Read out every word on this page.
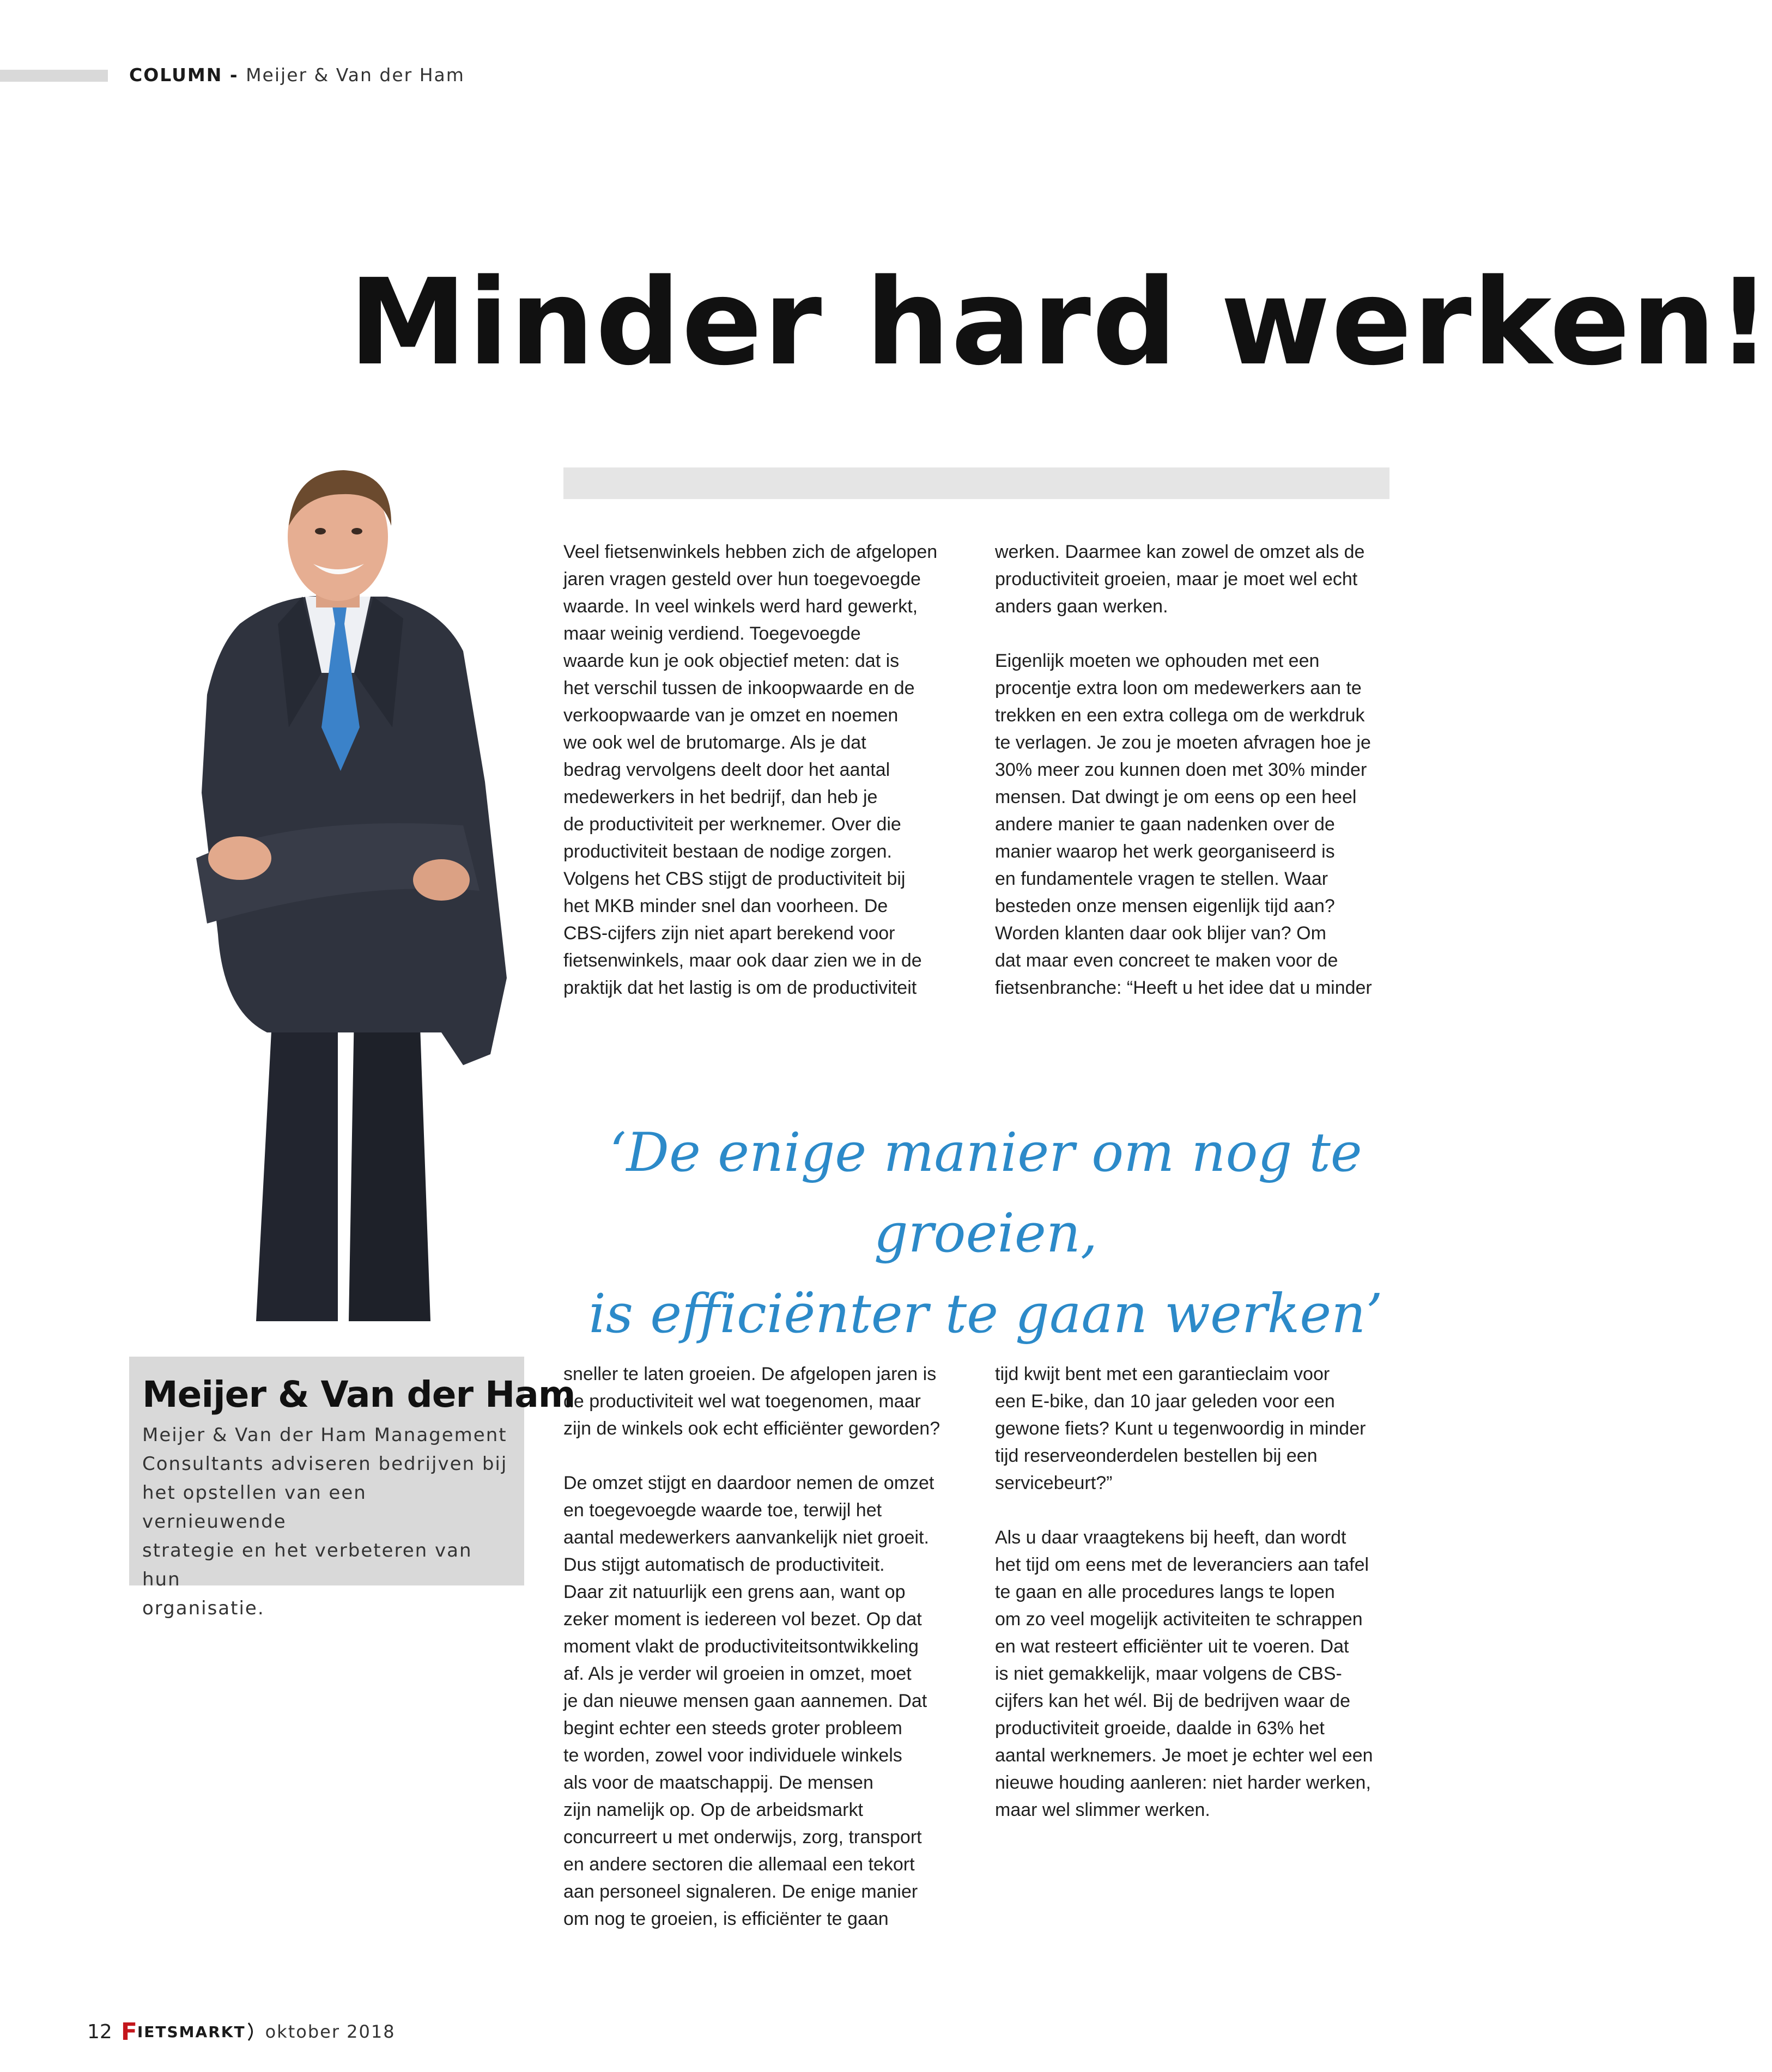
COLUMN - Meijer & Van der Ham
Minder hard werken!

Veel fietsenwinkels hebben zich de afgelopen
jaren vragen gesteld over hun toegevoegde
waarde. In veel winkels werd hard gewerkt,
maar weinig verdiend. Toegevoegde
waarde kun je ook objectief meten: dat is
het verschil tussen de inkoopwaarde en de
verkoopwaarde van je omzet en noemen
we ook wel de brutomarge. Als je dat
bedrag vervolgens deelt door het aantal
medewerkers in het bedrijf, dan heb je
de productiviteit per werknemer. Over die
productiviteit bestaan de nodige zorgen.
Volgens het CBS stijgt de productiviteit bij
het MKB minder snel dan voorheen. De
CBS-cijfers zijn niet apart berekend voor
fietsenwinkels, maar ook daar zien we in de
praktijk dat het lastig is om de productiviteit

werken. Daarmee kan zowel de omzet als de
productiviteit groeien, maar je moet wel echt
anders gaan werken.

Eigenlijk moeten we ophouden met een
procentje extra loon om medewerkers aan te
trekken en een extra collega om de werkdruk
te verlagen. Je zou je moeten afvragen hoe je
30% meer zou kunnen doen met 30% minder
mensen. Dat dwingt je om eens op een heel
andere manier te gaan nadenken over de
manier waarop het werk georganiseerd is
en fundamentele vragen te stellen. Waar
besteden onze mensen eigenlijk tijd aan?
Worden klanten daar ook blijer van? Om
dat maar even concreet te maken voor de
fietsenbranche: “Heeft u het idee dat u minder

‘De enige manier om nog te groeien,
is efficiënter te gaan werken’

sneller te laten groeien. De afgelopen jaren is
de productiviteit wel wat toegenomen, maar
zijn de winkels ook echt efficiënter geworden?

De omzet stijgt en daardoor nemen de omzet
en toegevoegde waarde toe, terwijl het
aantal medewerkers aanvankelijk niet groeit.
Dus stijgt automatisch de productiviteit.
Daar zit natuurlijk een grens aan, want op
zeker moment is iedereen vol bezet. Op dat
moment vlakt de productiviteitsontwikkeling
af. Als je verder wil groeien in omzet, moet
je dan nieuwe mensen gaan aannemen. Dat
begint echter een steeds groter probleem
te worden, zowel voor individuele winkels
als voor de maatschappij. De mensen
zijn namelijk op. Op de arbeidsmarkt
concurreert u met onderwijs, zorg, transport
en andere sectoren die allemaal een tekort
aan personeel signaleren. De enige manier
om nog te groeien, is efficiënter te gaan

tijd kwijt bent met een garantieclaim voor
een E-bike, dan 10 jaar geleden voor een
gewone fiets? Kunt u tegenwoordig in minder
tijd reserveonderdelen bestellen bij een
servicebeurt?”

Als u daar vraagtekens bij heeft, dan wordt
het tijd om eens met de leveranciers aan tafel
te gaan en alle procedures langs te lopen
om zo veel mogelijk activiteiten te schrappen
en wat resteert efficiënter uit te voeren. Dat
is niet gemakkelijk, maar volgens de CBS-
cijfers kan het wél. Bij de bedrijven waar de
productiviteit groeide, daalde in 63% het
aantal werknemers. Je moet je echter wel een
nieuwe houding aanleren: niet harder werken,
maar wel slimmer werken.

Meijer & Van der Ham
Meijer & Van der Ham Management
Consultants adviseren bedrijven bij
het opstellen van een vernieuwende
strategie en het verbeteren van hun
organisatie.
12 F IETSMARKT oktober 2018
